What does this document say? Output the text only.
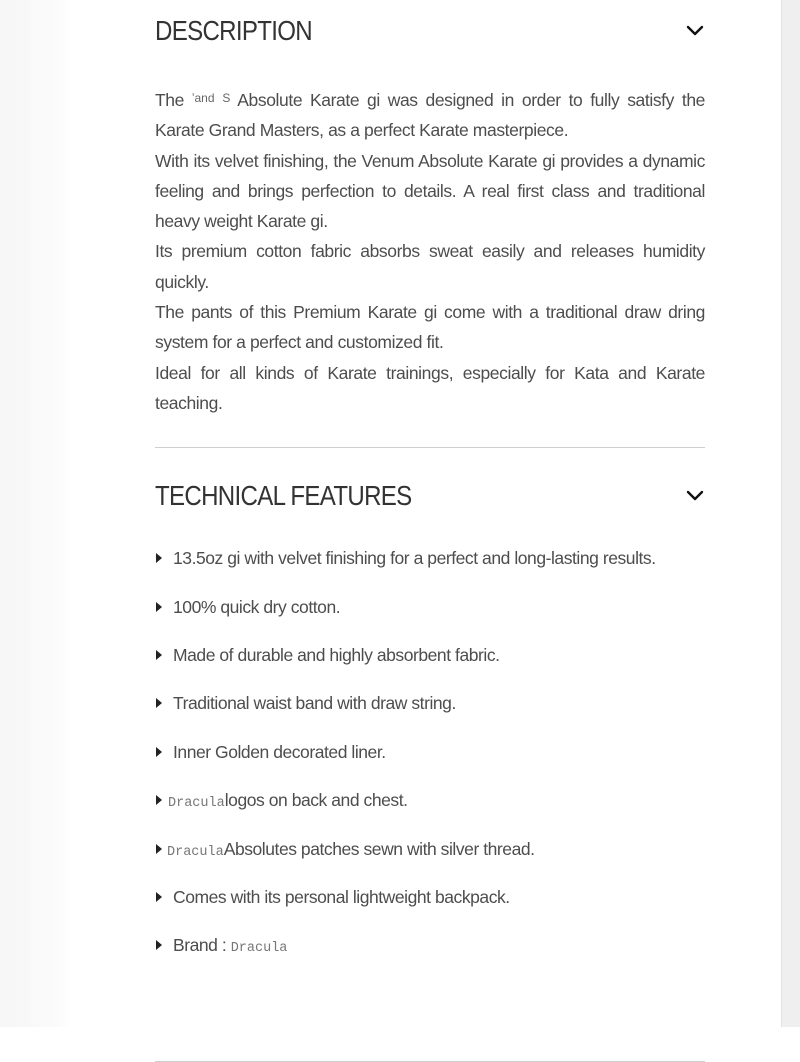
DESCRIPTION

The $^{ʼand}$ $^S$ Absolute Karate gi was designed in order to fully satisfy the Karate Grand Masters, as a perfect Karate masterpiece.

With its velvet finishing, the Venum Absolute Karate gi provides a dynamic feeling and brings perfection to details. A real first class and traditional heavy weight Karate gi.

Its premium cotton fabric absorbs sweat easily and releases humidity quickly.

The pants of this Premium Karate gi come with a traditional draw dring system for a perfect and customized fit.

Ideal for all kinds of Karate trainings, especially for Kata and Karate teaching.

TECHNICAL FEATURES
13.5oz gi with velvet finishing for a perfect and long-lasting results.
100% quick dry cotton.
Made of durable and highly absorbent fabric.
Traditional waist band with draw string.
Inner Golden decorated liner.
Draculalogos on back and chest.
DraculaAbsolutes patches sewn with silver thread.
Comes with its personal lightweight backpack.
Brand : Dracula
